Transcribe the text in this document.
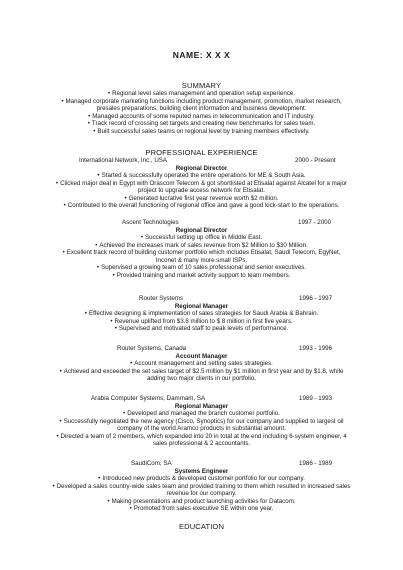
NAME: X X X
SUMMARY
• Regional level sales management and operation setup experience.
• Managed corporate marketing functions including product management, promotion, market research,
presales preparations, building client information and business development.
• Managed accounts of some reputed names in telecommunication and IT industry.
• Track record of crossing set targets and creating new benchmarks for sales team.
• Built successful sales teams on regional level by training members effectively.
PROFESSIONAL EXPERIENCE
International Network, Inc., USA	2000 - Present
Regional Director
• Started & successfully operated the entire operations for ME & South Asia.
• Clicked major deal in Egypt with Orascom Telecom & got shortlisted at Etisalat against Alcatel for a major
project to upgrade access network for Etisalat.
• Generated lucrative first year revenue worth $2 million.
• Contributed to the overall functioning of regional office and gave a good kick-start to the operations.
Ascent Technologies	1997 - 2000
Regional Director
• Successful setting up office in Middle East.
• Achieved the increases mark of sales revenue from $2 Million to $30 Million.
• Excellent track record of building customer portfolio which includes Etisalat, Saudi Telecom, EgyNet,
Inconet & many more small ISPs.
• Supervised a growing team of 10 sales professional and senior executives.
• Provided training and market activity support to team members.
Router Systems	1996 - 1997
Regional Manager
• Effective designing & implementation of sales strategies for Saudi Arabia & Bahrain.
• Revenue uplifted from $3.8 million to $ 8 million in first five years.
• Supervised and motivated staff to peak levels of performance.
Router Systems, Canada	1993 - 1996
Account Manager
• Account management and setting sales strategies.
• Achieved and exceeded the set sales target of $2.5 million by $1 million in first year and by $1.8, while
adding two major clients in our portfolio.
Arabia Computer Systems, Dammam, SA	1989 - 1993
Regional Manager
• Developed and managed the branch customer portfolio.
• Successfully negotiated the new agency (Cisco, Synoptics) for our company and supplied to largest oil
company of the world Aramco products in substantial amount.
• Directed a team of 2 members, which expanded into 20 in total at the end including 6-system engineer, 4
sales professional & 2 accountants.
SaudiCom, SA	1986 - 1989
Systems Engineer
• Introduced new products & developed customer portfolio for our company.
• Developed a sales country-wide sales team and provided training to them which resulted in increased sales
revenue for our company.
• Making presentations and product launching activities for Datacom.
• Promoted from sales executive SE within one year.
EDUCATION
